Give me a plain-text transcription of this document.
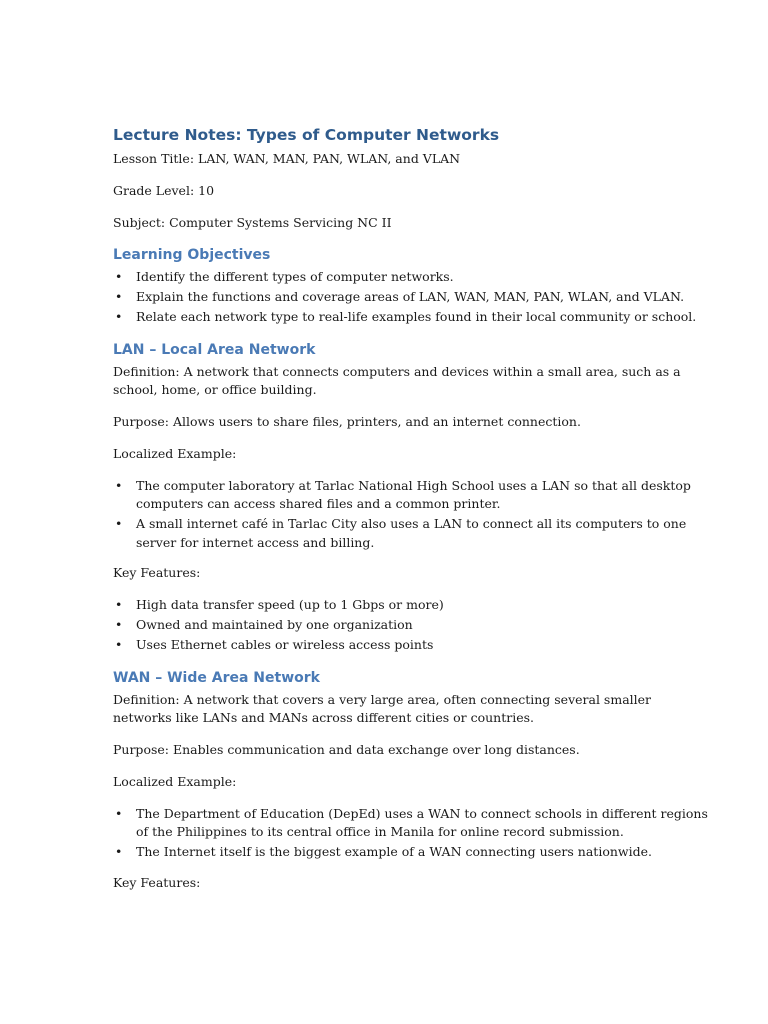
Lecture Notes: Types of Computer Networks

Lesson Title: LAN, WAN, MAN, PAN, WLAN, and VLAN

Grade Level: 10

Subject: Computer Systems Servicing NC II

Learning Objectives
• Identify the different types of computer networks.
• Explain the functions and coverage areas of LAN, WAN, MAN, PAN, WLAN, and VLAN.
• Relate each network type to real-life examples found in their local community or school.
LAN – Local Area Network

Definition: A network that connects computers and devices within a small area, such as a school, home, or office building.

Purpose: Allows users to share files, printers, and an internet connection.

Localized Example:

• The computer laboratory at Tarlac National High School uses a LAN so that all desktop computers can access shared files and a common printer.
• A small internet café in Tarlac City also uses a LAN to connect all its computers to one server for internet access and billing.

Key Features:

• High data transfer speed (up to 1 Gbps or more)
• Owned and maintained by one organization
• Uses Ethernet cables or wireless access points
WAN – Wide Area Network

Definition: A network that covers a very large area, often connecting several smaller networks like LANs and MANs across different cities or countries.

Purpose: Enables communication and data exchange over long distances.

Localized Example:

• The Department of Education (DepEd) uses a WAN to connect schools in different regions of the Philippines to its central office in Manila for online record submission.
• The Internet itself is the biggest example of a WAN connecting users nationwide.

Key Features:
